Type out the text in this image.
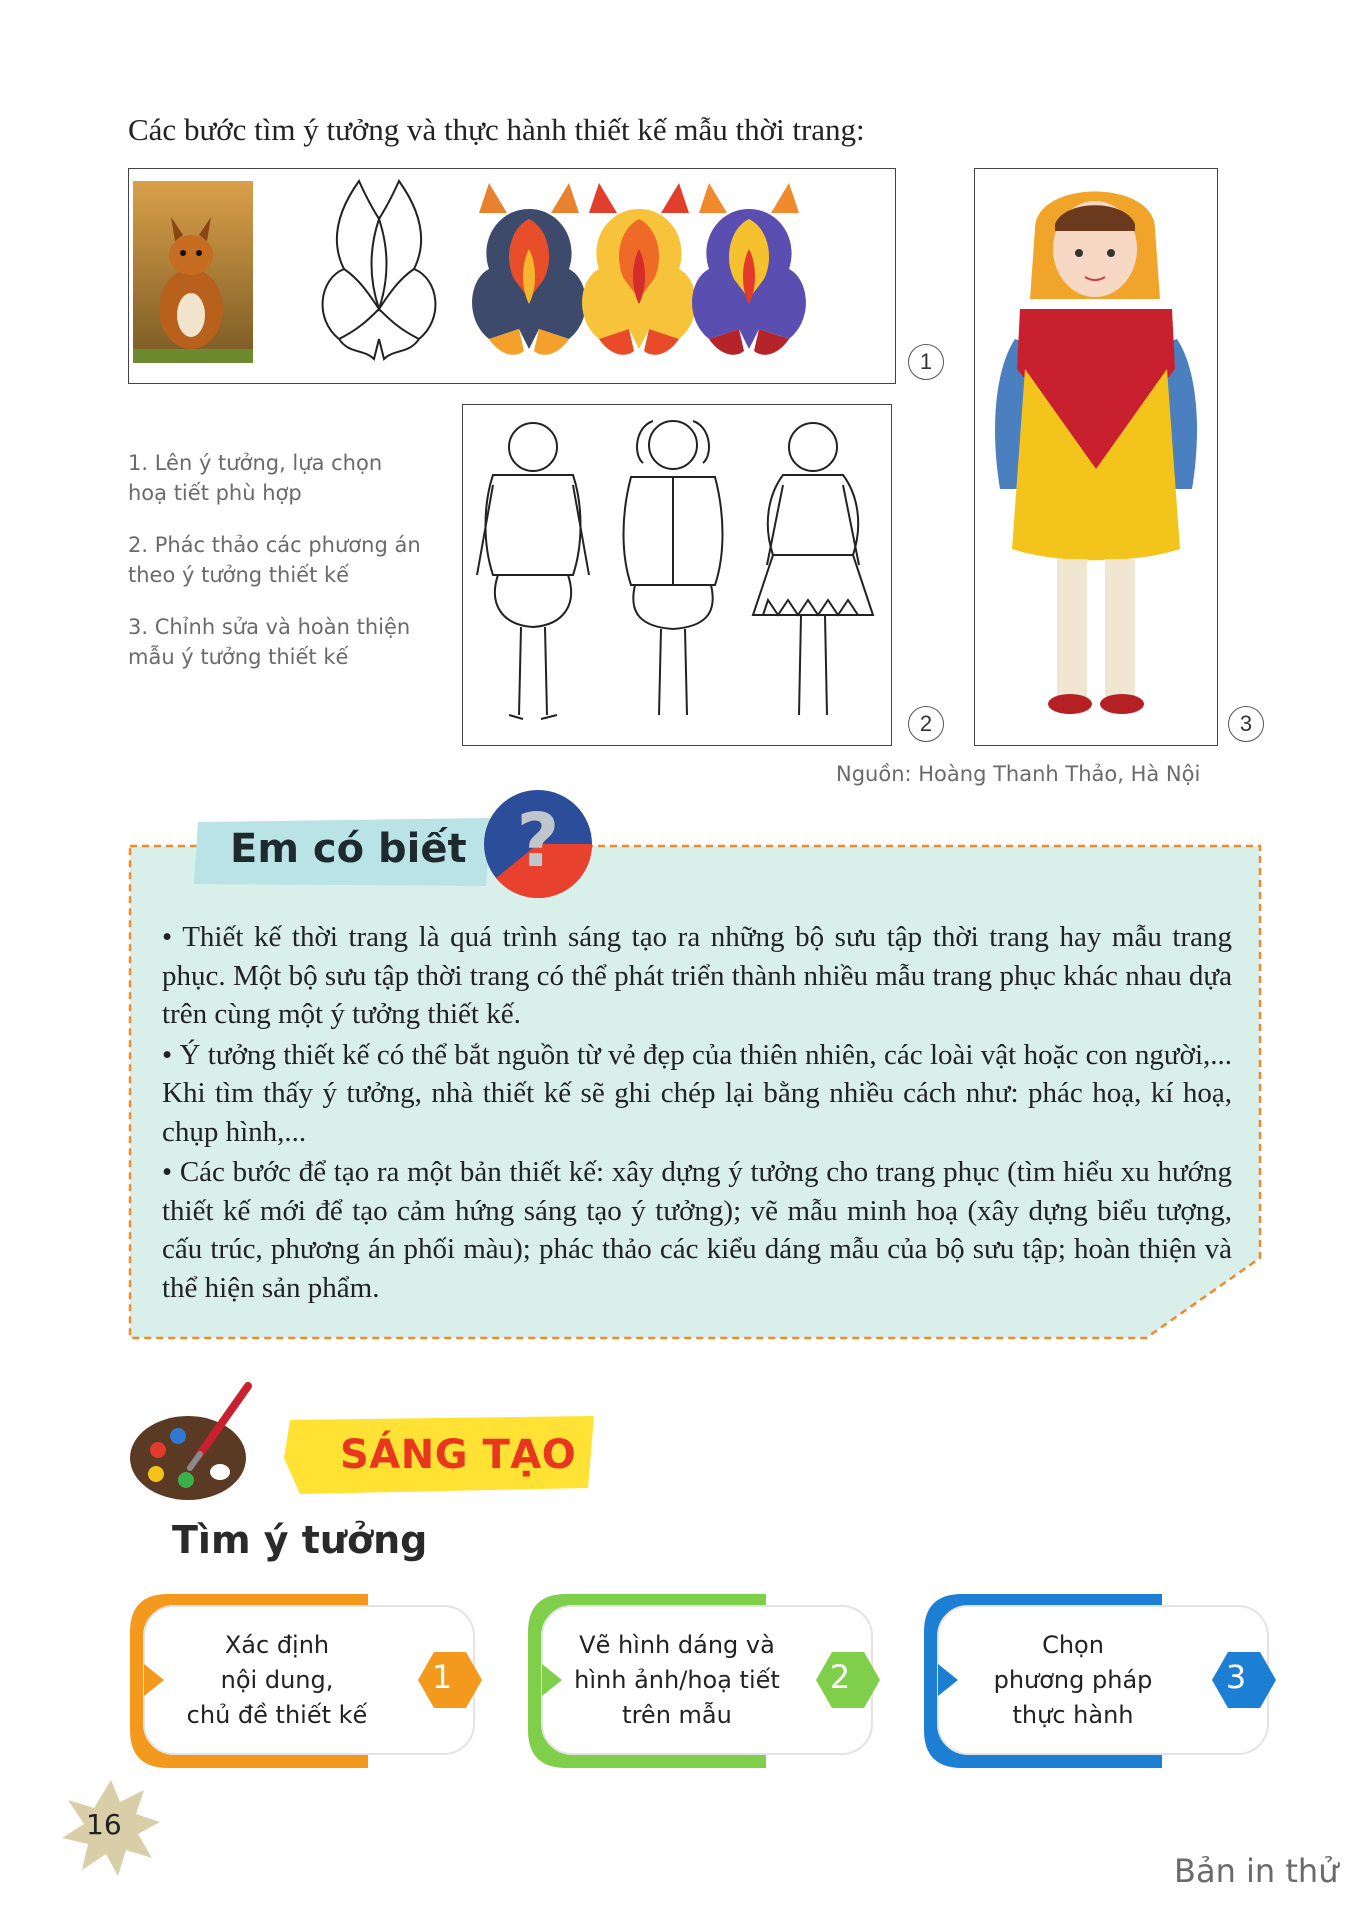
Các bước tìm ý tưởng và thực hành thiết kế mẫu thời trang:
1
1. Lên ý tưởng, lựa chọn
hoạ tiết phù hợp
2. Phác thảo các phương án
theo ý tưởng thiết kế
3. Chỉnh sửa và hoàn thiện
mẫu ý tưởng thiết kế
2	3
Nguồn: Hoàng Thanh Thảo, Hà Nội
Em có biết ?

• Thiết kế thời trang là quá trình sáng tạo ra những bộ sưu tập thời trang hay mẫu trang phục. Một bộ sưu tập thời trang có thể phát triển thành nhiều mẫu trang phục khác nhau dựa trên cùng một ý tưởng thiết kế.

• Ý tưởng thiết kế có thể bắt nguồn từ vẻ đẹp của thiên nhiên, các loài vật hoặc con người,... Khi tìm thấy ý tưởng, nhà thiết kế sẽ ghi chép lại bằng nhiều cách như: phác hoạ, kí hoạ, chụp hình,...

• Các bước để tạo ra một bản thiết kế: xây dựng ý tưởng cho trang phục (tìm hiểu xu hướng thiết kế mới để tạo cảm hứng sáng tạo ý tưởng); vẽ mẫu minh hoạ (xây dựng biểu tượng, cấu trúc, phương án phối màu); phác thảo các kiểu dáng mẫu của bộ sưu tập; hoàn thiện và thể hiện sản phẩm.

SÁNG TẠO
Tìm ý tưởng
Xác định
nội dung,
chủ đề thiết kế
1
Vẽ hình dáng và
hình ảnh/hoạ tiết
trên mẫu
2
Chọn
phương pháp
thực hành
3
16
Bản in thử
